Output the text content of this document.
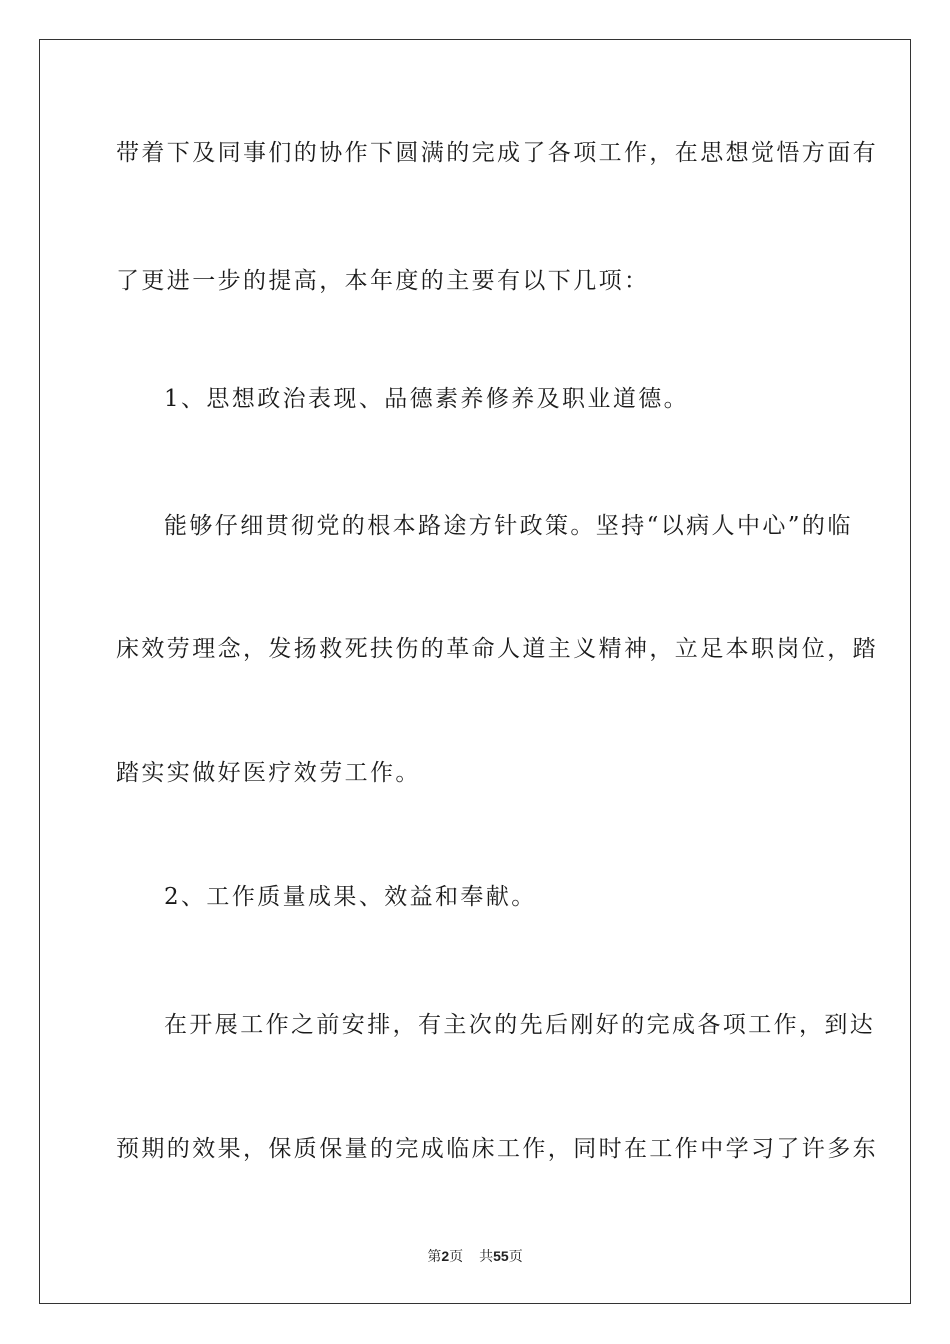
带着下及同事们的协作下圆满的完成了各项工作，在思想觉悟方面有
了更进一步的提高，本年度的主要有以下几项：
1、思想政治表现、品德素养修养及职业道德。
能够仔细贯彻党的根本路途方针政策。坚持“以病人中心”的临
床效劳理念，发扬救死扶伤的革命人道主义精神，立足本职岗位，踏
踏实实做好医疗效劳工作。
2、工作质量成果、效益和奉献。
在开展工作之前安排，有主次的先后刚好的完成各项工作，到达
预期的效果，保质保量的完成临床工作，同时在工作中学习了许多东
第2页 共55页
